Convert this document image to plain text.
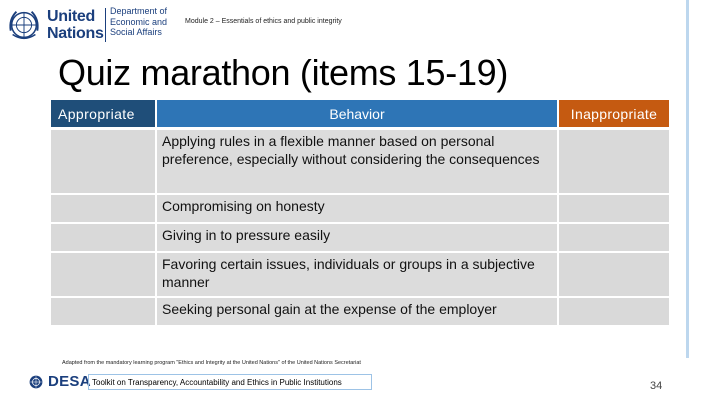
United
Nations
Department of
Economic and
Social Affairs
Module 2 – Essentials of ethics and public integrity
Quiz marathon (items 15-19)
Appropriate	Behavior	Inappropriate
Applying rules in a flexible manner based on personal preference, especially without considering the consequences
Compromising on honesty
Giving in to pressure easily
Favoring certain issues, individuals or groups in a subjective manner
Seeking personal gain at the expense of the employer
Adapted from the mandatory learning program "Ethics and Integrity at the United Nations" of the United Nations Secretariat
DESA Toolkit on Transparency, Accountability and Ethics in Public Institutions	34
